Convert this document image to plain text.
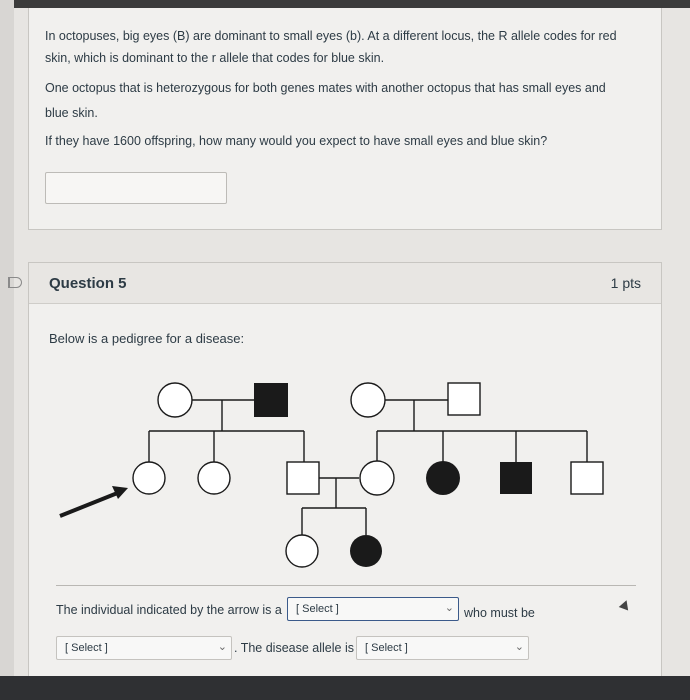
In octopuses, big eyes (B) are dominant to small eyes (b). At a different locus, the R allele codes for red
skin, which is dominant to the r allele that codes for blue skin.
One octopus that is heterozygous for both genes mates with another octopus that has small eyes and
blue skin.
If they have 1600 offspring, how many would you expect to have small eyes and blue skin?
Question 5	1 pts
Below is a pedigree for a disease:
The individual indicated by the arrow is a [ Select ]	⌄ who must be
[ Select ]	⌄ . The disease allele is [ Select ]	⌄
